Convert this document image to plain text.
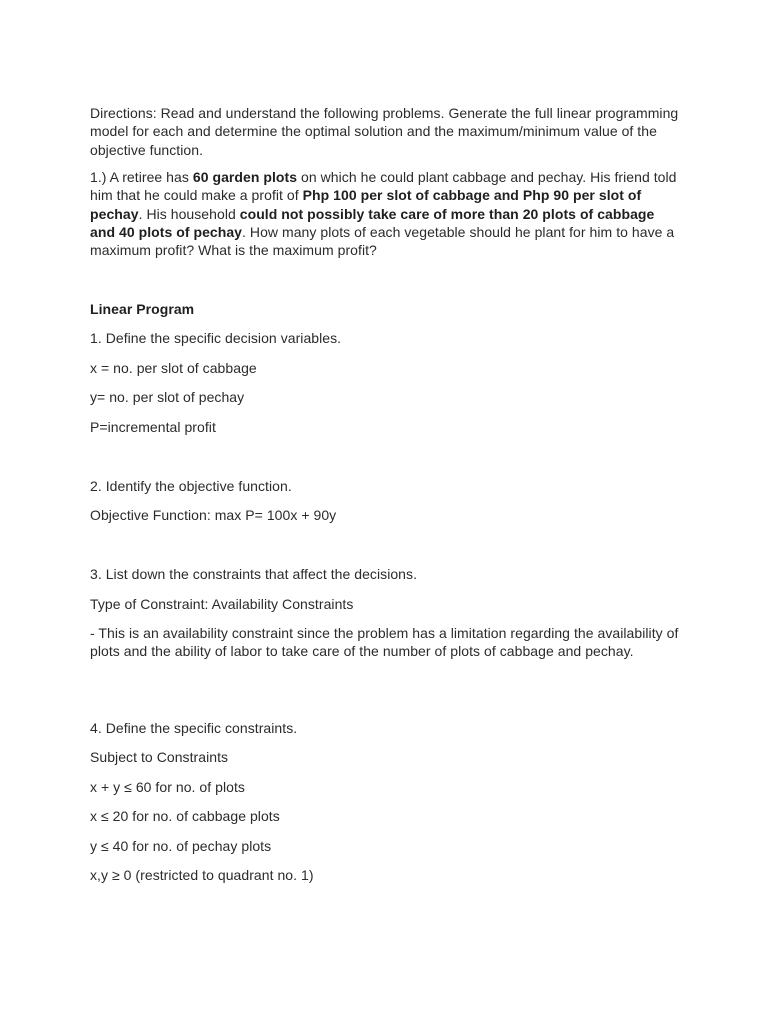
Directions: Read and understand the following problems. Generate the full linear programming model for each and determine the optimal solution and the maximum/minimum value of the objective function.

1.) A retiree has 60 garden plots on which he could plant cabbage and pechay. His friend told him that he could make a profit of Php 100 per slot of cabbage and Php 90 per slot of pechay. His household could not possibly take care of more than 20 plots of cabbage and 40 plots of pechay. How many plots of each vegetable should he plant for him to have a maximum profit? What is the maximum profit?

Linear Program

1. Define the specific decision variables.

x = no. per slot of cabbage

y= no. per slot of pechay

P=incremental profit

2. Identify the objective function.

Objective Function: max P= 100x + 90y

3. List down the constraints that affect the decisions.

Type of Constraint: Availability Constraints

- This is an availability constraint since the problem has a limitation regarding the availability of plots and the ability of labor to take care of the number of plots of cabbage and pechay.

4. Define the specific constraints.

Subject to Constraints

x + y ≤ 60 for no. of plots

x ≤ 20 for no. of cabbage plots

y ≤ 40 for no. of pechay plots

x,y ≥ 0 (restricted to quadrant no. 1)
